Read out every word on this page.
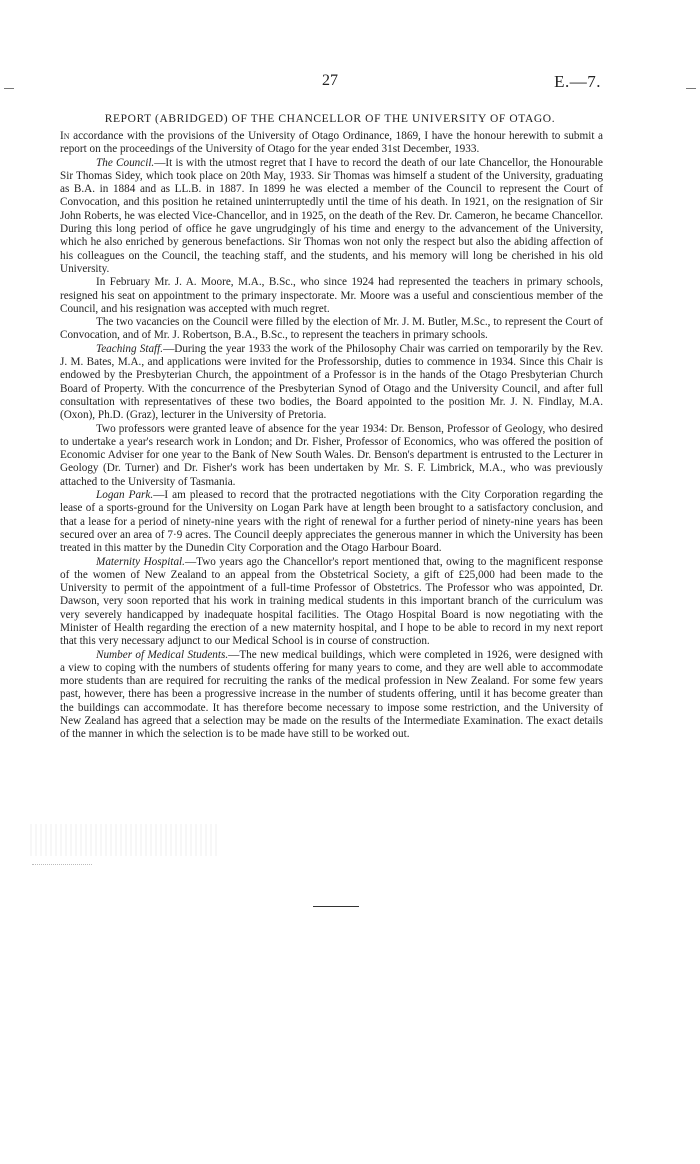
27	E.—7.
REPORT (ABRIDGED) OF THE CHANCELLOR OF THE UNIVERSITY OF OTAGO.

In accordance with the provisions of the University of Otago Ordinance, 1869, I have the honour herewith to submit a report on the proceedings of the University of Otago for the year ended 31st December, 1933.

The Council.—It is with the utmost regret that I have to record the death of our late Chancellor, the Honourable Sir Thomas Sidey, which took place on 20th May, 1933. Sir Thomas was himself a student of the University, graduating as B.A. in 1884 and as LL.B. in 1887. In 1899 he was elected a member of the Council to represent the Court of Convocation, and this position he retained uninterruptedly until the time of his death. In 1921, on the resignation of Sir John Roberts, he was elected Vice-Chancellor, and in 1925, on the death of the Rev. Dr. Cameron, he became Chancellor. During this long period of office he gave ungrudgingly of his time and energy to the advancement of the University, which he also enriched by generous benefactions. Sir Thomas won not only the respect but also the abiding affection of his colleagues on the Council, the teaching staff, and the students, and his memory will long be cherished in his old University.

In February Mr. J. A. Moore, M.A., B.Sc., who since 1924 had represented the teachers in primary schools, resigned his seat on appointment to the primary inspectorate. Mr. Moore was a useful and conscientious member of the Council, and his resignation was accepted with much regret.

The two vacancies on the Council were filled by the election of Mr. J. M. Butler, M.Sc., to represent the Court of Convocation, and of Mr. J. Robertson, B.A., B.Sc., to represent the teachers in primary schools.

Teaching Staff.—During the year 1933 the work of the Philosophy Chair was carried on temporarily by the Rev. J. M. Bates, M.A., and applications were invited for the Professorship, duties to commence in 1934. Since this Chair is endowed by the Presbyterian Church, the appointment of a Professor is in the hands of the Otago Presbyterian Church Board of Property. With the concurrence of the Presbyterian Synod of Otago and the University Council, and after full consultation with representatives of these two bodies, the Board appointed to the position Mr. J. N. Findlay, M.A. (Oxon), Ph.D. (Graz), lecturer in the University of Pretoria.

Two professors were granted leave of absence for the year 1934: Dr. Benson, Professor of Geology, who desired to undertake a year's research work in London; and Dr. Fisher, Professor of Economics, who was offered the position of Economic Adviser for one year to the Bank of New South Wales. Dr. Benson's department is entrusted to the Lecturer in Geology (Dr. Turner) and Dr. Fisher's work has been undertaken by Mr. S. F. Limbrick, M.A., who was previously attached to the University of Tasmania.

Logan Park.—I am pleased to record that the protracted negotiations with the City Corporation regarding the lease of a sports-ground for the University on Logan Park have at length been brought to a satisfactory conclusion, and that a lease for a period of ninety-nine years with the right of renewal for a further period of ninety-nine years has been secured over an area of 7·9 acres. The Council deeply appreciates the generous manner in which the University has been treated in this matter by the Dunedin City Corporation and the Otago Harbour Board.

Maternity Hospital.—Two years ago the Chancellor's report mentioned that, owing to the magnificent response of the women of New Zealand to an appeal from the Obstetrical Society, a gift of £25,000 had been made to the University to permit of the appointment of a full-time Professor of Obstetrics. The Professor who was appointed, Dr. Dawson, very soon reported that his work in training medical students in this important branch of the curriculum was very severely handicapped by inadequate hospital facilities. The Otago Hospital Board is now negotiating with the Minister of Health regarding the erection of a new maternity hospital, and I hope to be able to record in my next report that this very necessary adjunct to our Medical School is in course of construction.

Number of Medical Students.—The new medical buildings, which were completed in 1926, were designed with a view to coping with the numbers of students offering for many years to come, and they are well able to accommodate more students than are required for recruiting the ranks of the medical profession in New Zealand. For some few years past, however, there has been a progressive increase in the number of students offering, until it has become greater than the buildings can accommodate. It has therefore become necessary to impose some restriction, and the University of New Zealand has agreed that a selection may be made on the results of the Intermediate Examination. The exact details of the manner in which the selection is to be made have still to be worked out.
